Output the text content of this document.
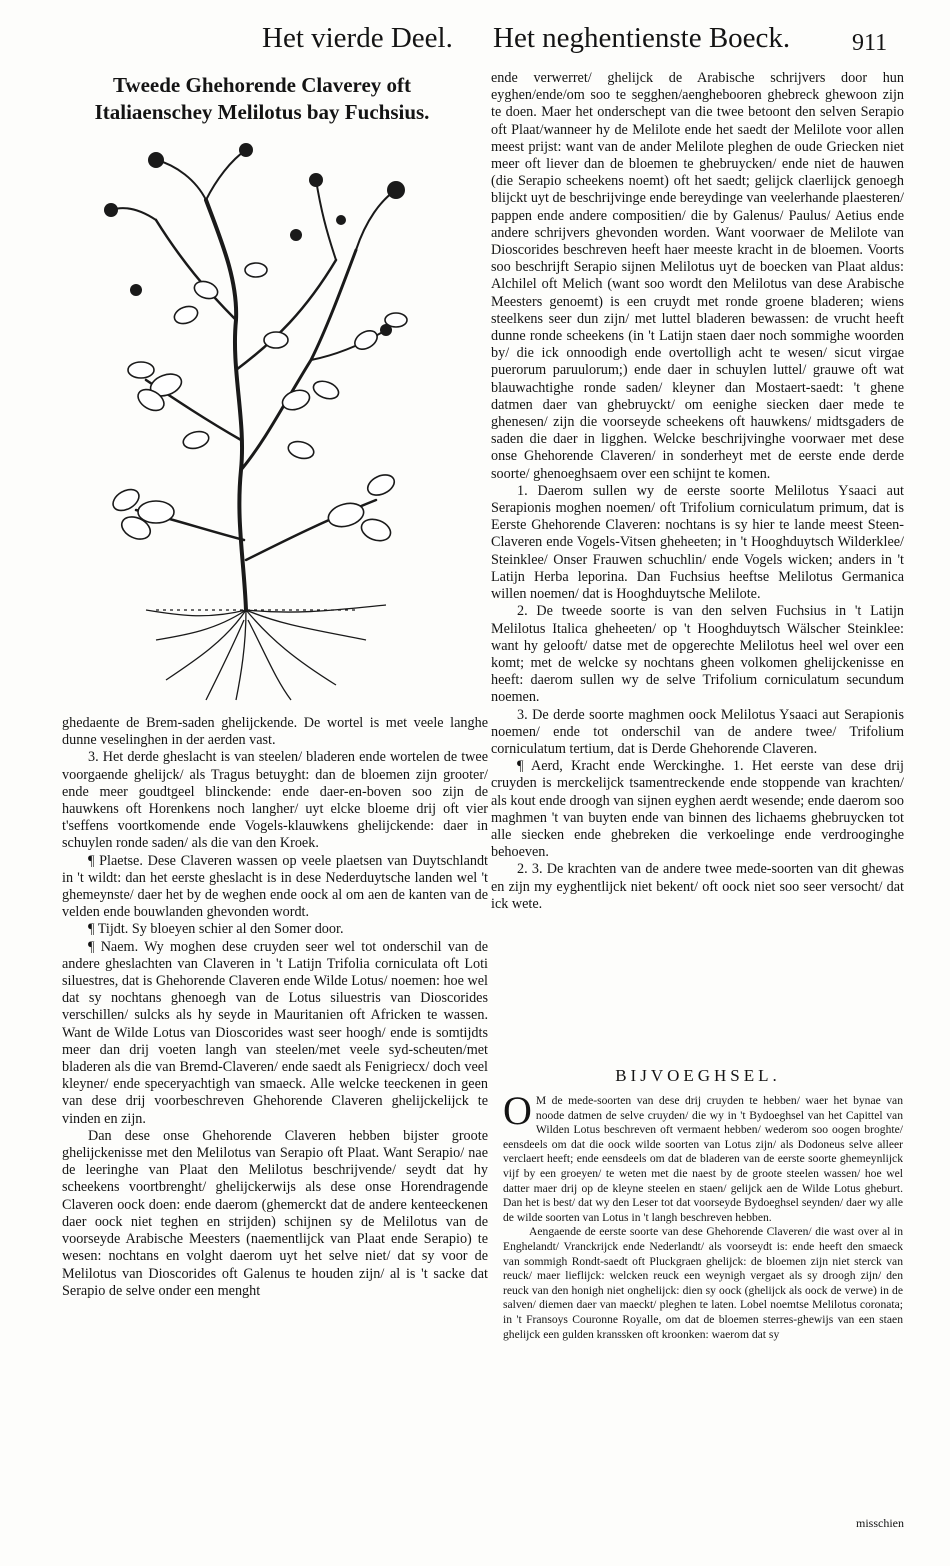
Het vierde Deel.	Het neghentienste Boeck.	911
Tweede Ghehorende Claverey oft Italiaenschey Melilotus bay Fuchsius.

ende verwerret/ ghelijck de Arabische schrijvers door hun eyghen/ende/om soo te segghen/aenghebooren ghebreck ghewoon zijn te doen. Maer het onderschept van die twee betoont den selven Serapio oft Plaat/wanneer hy de Melilote ende het saedt der Melilote voor allen meest prijst: want van de ander Melilote pleghen de oude Griecken niet meer oft liever dan de bloemen te ghebruycken/ ende niet de hauwen (die Serapio scheekens noemt) oft het saedt; gelijck claerlijck genoegh blijckt uyt de beschrijvinge ende bereydinge van veelerhande plaesteren/ pappen ende andere compositien/ die by Galenus/ Paulus/ Aetius ende andere schrijvers ghevonden worden. Want voorwaer de Melilote van Dioscorides beschreven heeft haer meeste kracht in de bloemen. Voorts soo beschrijft Serapio sijnen Melilotus uyt de boecken van Plaat aldus: Alchilel oft Melich (want soo wordt den Melilotus van dese Arabische Meesters genoemt) is een cruydt met ronde groene bladeren; wiens steelkens seer dun zijn/ met luttel bladeren bewassen: de vrucht heeft dunne ronde scheekens (in 't Latijn staen daer noch sommighe woorden by/ die ick onnoodigh ende overtolligh acht te wesen/ sicut virgae puerorum paruulorum;) ende daer in schuylen luttel/ grauwe oft wat blauwachtighe ronde saden/ kleyner dan Mostaert-saedt: 't ghene datmen daer van ghebruyckt/ om eenighe siecken daer mede te ghenesen/ zijn die voorseyde scheekens oft hauwkens/ midtsgaders de saden die daer in ligghen. Welcke beschrijvinghe voorwaer met dese onse Ghehorende Claveren/ in sonderheyt met de eerste ende derde soorte/ ghenoeghsaem over een schijnt te komen.

1. Daerom sullen wy de eerste soorte Melilotus Ysaaci aut Serapionis moghen noemen/ oft Trifolium corniculatum primum, dat is Eerste Ghehorende Claveren: nochtans is sy hier te lande meest Steen-Claveren ende Vogels-Vitsen gheheeten; in 't Hooghduytsch Wilderklee/ Steinklee/ Onser Frauwen schuchlin/ ende Vogels wicken; anders in 't Latijn Herba leporina. Dan Fuchsius heeftse Melilotus Germanica willen noemen/ dat is Hooghduytsche Melilote.

2. De tweede soorte is van den selven Fuchsius in 't Latijn Melilotus Italica gheheeten/ op 't Hooghduytsch Wälscher Steinklee: want hy gelooft/ datse met de opgerechte Melilotus heel wel over een komt; met de welcke sy nochtans gheen volkomen ghelijckenisse en heeft: daerom sullen wy de selve Trifolium corniculatum secundum noemen.

3. De derde soorte maghmen oock Melilotus Ysaaci aut Serapionis noemen/ ende tot onderschil van de andere twee/ Trifolium corniculatum tertium, dat is Derde Ghehorende Claveren.

¶ Aerd, Kracht ende Werckinghe. 1. Het eerste van dese drij cruyden is merckelijck tsamentreckende ende stoppende van krachten/ als kout ende droogh van sijnen eyghen aerdt wesende; ende daerom soo maghmen 't van buyten ende van binnen des lichaems ghebruycken tot alle siecken ende ghebreken die verkoelinge ende verdrooginghe behoeven.

2. 3. De krachten van de andere twee mede-soorten van dit ghewas en zijn my eyghentlijck niet bekent/ oft oock niet soo seer versocht/ dat ick wete.

ghedaente de Brem-saden ghelijckende. De wortel is met veele langhe dunne veselinghen in der aerden vast.

3. Het derde gheslacht is van steelen/ bladeren ende wortelen de twee voorgaende ghelijck/ als Tragus betuyght: dan de bloemen zijn grooter/ ende meer goudtgeel blinckende: ende daer-en-boven soo zijn de hauwkens oft Horenkens noch langher/ uyt elcke bloeme drij oft vier t'seffens voortkomende ende Vogels-klauwkens ghelijckende: daer in schuylen ronde saden/ als die van den Kroek.

¶ Plaetse. Dese Claveren wassen op veele plaetsen van Duytschlandt in 't wildt: dan het eerste gheslacht is in dese Nederduytsche landen wel 't ghemeynste/ daer het by de weghen ende oock al om aen de kanten van de velden ende bouwlanden ghevonden wordt.

¶ Tijdt. Sy bloeyen schier al den Somer door.

¶ Naem. Wy moghen dese cruyden seer wel tot onderschil van de andere gheslachten van Claveren in 't Latijn Trifolia corniculata oft Loti siluestres, dat is Ghehorende Claveren ende Wilde Lotus/ noemen: hoe wel dat sy nochtans ghenoegh van de Lotus siluestris van Dioscorides verschillen/ sulcks als hy seyde in Mauritanien oft Africken te wassen. Want de Wilde Lotus van Dioscorides wast seer hoogh/ ende is somtijdts meer dan drij voeten langh van steelen/met veele syd-scheuten/met bladeren als die van Bremd-Claveren/ ende saedt als Fenigriecx/ doch veel kleyner/ ende speceryachtigh van smaeck. Alle welcke teeckenen in geen van dese drij voorbeschreven Ghehorende Claveren ghelijckelijck te vinden en zijn.

Dan dese onse Ghehorende Claveren hebben bijster groote ghelijckenisse met den Melilotus van Serapio oft Plaat. Want Serapio/ nae de leeringhe van Plaat den Melilotus beschrijvende/ seydt dat hy scheekens voortbrenght/ ghelijckerwijs als dese onse Horendragende Claveren oock doen: ende daerom (ghemerckt dat de andere kenteeckenen daer oock niet teghen en strijden) schijnen sy de Melilotus van de voorseyde Arabische Meesters (naementlijck van Plaat ende Serapio) te wesen: nochtans en volght daerom uyt het selve niet/ dat sy voor de Melilotus van Dioscorides oft Galenus te houden zijn/ al is 't sacke dat Serapio de selve onder een menght

BIJVOEGHSEL.

O M de mede-soorten van dese drij cruyden te hebben/ waer het bynae van noode datmen de selve cruyden/ die wy in 't Bydoeghsel van het Capittel van Wilden Lotus beschreven oft vermaent hebben/ wederom soo oogen broghte/ eensdeels om dat die oock wilde soorten van Lotus zijn/ als Dodoneus selve alleer verclaert heeft; ende eensdeels om dat de bladeren van de eerste soorte ghemeynlijck vijf by een groeyen/ te weten met die naest by de groote steelen wassen/ hoe wel datter maer drij op de kleyne steelen en staen/ gelijck aen de Wilde Lotus gheburt. Dan het is best/ dat wy den Leser tot dat voorseyde Bydoeghsel seynden/ daer wy alle de wilde soorten van Lotus in 't langh beschreven hebben.

Aengaende de eerste soorte van dese Ghehorende Claveren/ die wast over al in Enghelandt/ Vranckrijck ende Nederlandt/ als voorseydt is: ende heeft den smaeck van sommigh Rondt-saedt oft Pluckgraen ghelijck: de bloemen zijn niet sterck van reuck/ maer lieflijck: welcken reuck een weynigh vergaet als sy droogh zijn/ den reuck van den honigh niet onghelijck: dien sy oock (ghelijck als oock de verwe) in de salven/ diemen daer van maeckt/ pleghen te laten. Lobel noemtse Melilotus coronata; in 't Fransoys Couronne Royalle, om dat de bloemen sterres-ghewijs van een staen ghelijck een gulden kranssken oft kroonken: waerom dat sy

misschien
